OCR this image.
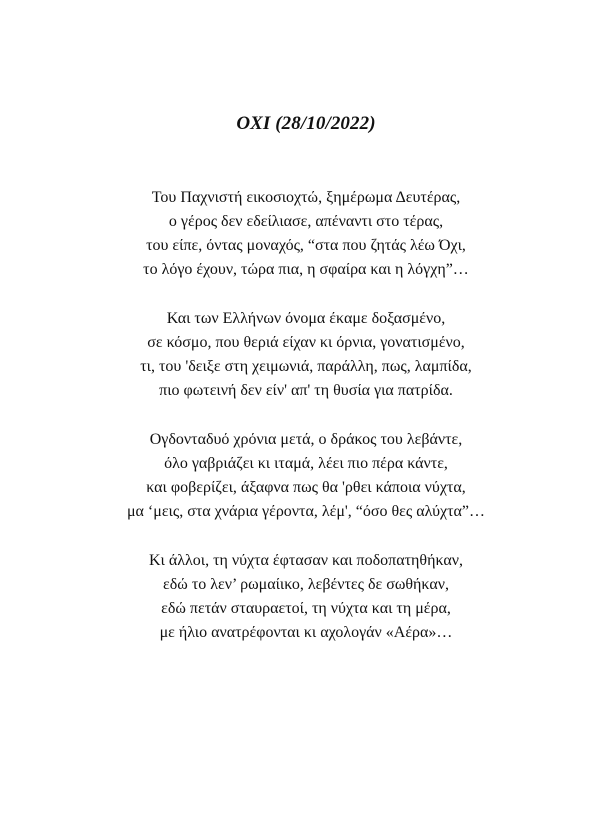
ΟΧΙ (28/10/2022)
Του Παχνιστή εικοσιοχτώ, ξημέρωμα Δευτέρας,
ο γέρος δεν εδείλιασε, απέναντι στο τέρας,
του είπε, όντας μοναχός, “στα που ζητάς λέω Όχι,
το λόγο έχουν, τώρα πια, η σφαίρα και η λόγχη”…
Και των Ελλήνων όνομα έκαμε δοξασμένο,
σε κόσμο, που θεριά είχαν κι όρνια, γονατισμένο,
τι, του 'δειξε στη χειμωνιά, παράλλη, πως, λαμπίδα,
πιο φωτεινή δεν είν' απ' τη θυσία για πατρίδα.
Ογδονταδυό χρόνια μετά, ο δράκος του λεβάντε,
όλο γαβριάζει κι ιταμά, λέει πιο πέρα κάντε,
και φοβερίζει, άξαφνα πως θα 'ρθει κάποια νύχτα,
μα ‘μεις, στα χνάρια γέροντα, λέμ', “όσο θες αλύχτα”…
Κι άλλοι, τη νύχτα έφτασαν και ποδοπατηθήκαν,
εδώ το λεν’ ρωμαίικο, λεβέντες δε σωθήκαν,
εδώ πετάν σταυραετοί, τη νύχτα και τη μέρα,
με ήλιο ανατρέφονται κι αχολογάν «Αέρα»…
